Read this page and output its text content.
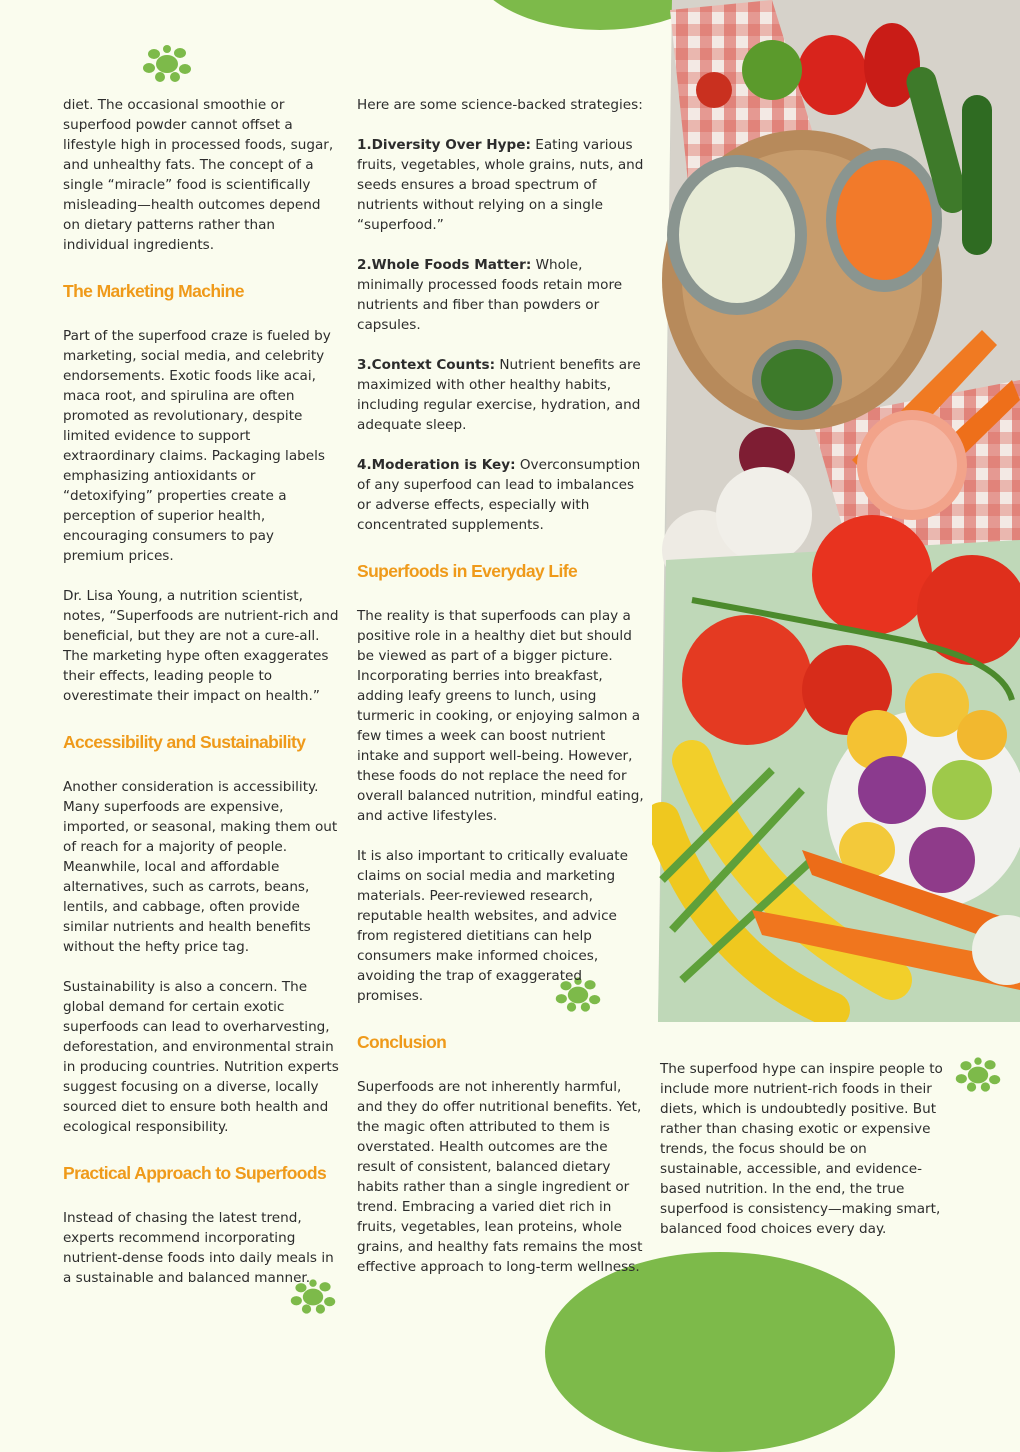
diet. The occasional smoothie or superfood powder cannot offset a lifestyle high in processed foods, sugar, and unhealthy fats. The concept of a single “miracle” food is scientifically misleading—health outcomes depend on dietary patterns rather than individual ingredients.

The Marketing Machine

Part of the superfood craze is fueled by marketing, social media, and celebrity endorsements. Exotic foods like acai, maca root, and spirulina are often promoted as revolutionary, despite limited evidence to support extraordinary claims. Packaging labels emphasizing antioxidants or “detoxifying” properties create a perception of superior health, encouraging consumers to pay premium prices.

Dr. Lisa Young, a nutrition scientist, notes, “Superfoods are nutrient-rich and beneficial, but they are not a cure-all. The marketing hype often exaggerates their effects, leading people to overestimate their impact on health.”

Accessibility and Sustainability

Another consideration is accessibility. Many superfoods are expensive, imported, or seasonal, making them out of reach for a majority of people. Meanwhile, local and affordable alternatives, such as carrots, beans, lentils, and cabbage, often provide similar nutrients and health benefits without the hefty price tag.

Sustainability is also a concern. The global demand for certain exotic superfoods can lead to overharvesting, deforestation, and environmental strain in producing countries. Nutrition experts suggest focusing on a diverse, locally sourced diet to ensure both health and ecological responsibility.

Practical Approach to Superfoods

Instead of chasing the latest trend, experts recommend incorporating nutrient-dense foods into daily meals in a sustainable and balanced manner.

Here are some science-backed strategies:

1.Diversity Over Hype: Eating various fruits, vegetables, whole grains, nuts, and seeds ensures a broad spectrum of nutrients without relying on a single “superfood.”
2.Whole Foods Matter: Whole, minimally processed foods retain more nutrients and fiber than powders or capsules.
3.Context Counts: Nutrient benefits are maximized with other healthy habits, including regular exercise, hydration, and adequate sleep.
4.Moderation is Key: Overconsumption of any superfood can lead to imbalances or adverse effects, especially with concentrated supplements.
Superfoods in Everyday Life

The reality is that superfoods can play a positive role in a healthy diet but should be viewed as part of a bigger picture. Incorporating berries into breakfast, adding leafy greens to lunch, using turmeric in cooking, or enjoying salmon a few times a week can boost nutrient intake and support well-being. However, these foods do not replace the need for overall balanced nutrition, mindful eating, and active lifestyles.

It is also important to critically evaluate claims on social media and marketing materials. Peer-reviewed research, reputable health websites, and advice from registered dietitians can help consumers make informed choices, avoiding the trap of exaggerated promises.

Conclusion

Superfoods are not inherently harmful, and they do offer nutritional benefits. Yet, the magic often attributed to them is overstated. Health outcomes are the result of consistent, balanced dietary habits rather than a single ingredient or trend. Embracing a varied diet rich in fruits, vegetables, lean proteins, whole grains, and healthy fats remains the most effective approach to long-term wellness.

The superfood hype can inspire people to include more nutrient-rich foods in their diets, which is undoubtedly positive. But rather than chasing exotic or expensive trends, the focus should be on sustainable, accessible, and evidence-based nutrition. In the end, the true superfood is consistency—making smart, balanced food choices every day.
